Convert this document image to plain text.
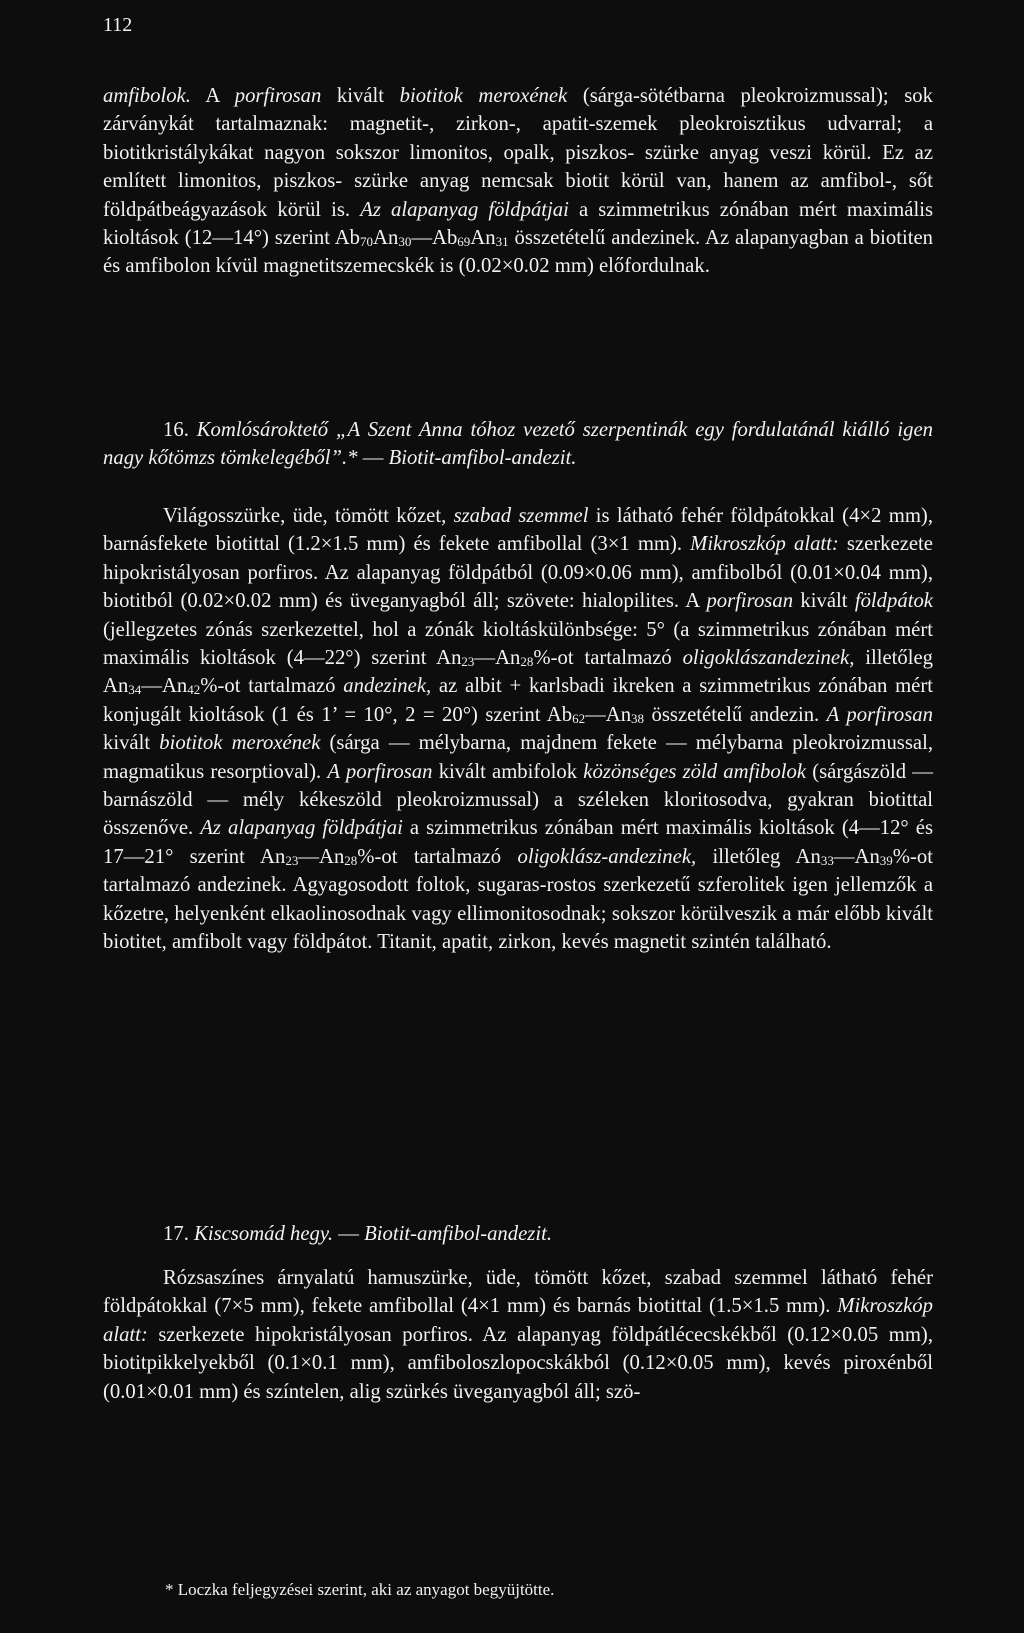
112

amfibolok. A porfirosan kivált biotitok meroxének (sárga-sötétbarna pleokroizmussal); sok zárványkát tartalmaznak: magnetit-, zirkon-, apatit-szemek pleokroisztikus udvarral; a biotitkristálykákat nagyon sokszor limonitos, opalk, piszkos- szürke anyag veszi körül. Ez az említett limonitos, piszkos- szürke anyag nemcsak biotit körül van, hanem az amfibol-, sőt földpátbeágyazások körül is. Az alapanyag földpátjai a szimmetrikus zónában mért maximális kioltások (12—14°) szerint $Ab_{70}An_{30}—Ab_{69}An_{31}$ összetételű andezinek. Az alapanyagban a biotiten és amfibolon kívül magnetitszemecskék is (0.02×0.02 mm) előfordulnak.

16. Komlósároktető „A Szent Anna tóhoz vezető szerpentinák egy fordulatánál kiálló igen nagy kőtömzs tömkelegéből”.* — Biotit-amfibol-andezit.

Világosszürke, üde, tömött kőzet, szabad szemmel is látható fehér földpátokkal (4×2 mm), barnásfekete biotittal (1.2×1.5 mm) és fekete amfibollal (3×1 mm). Mikroszkóp alatt: szerkezete hipokristályosan porfiros. Az alapanyag földpátból (0.09×0.06 mm), amfibolból (0.01×0.04 mm), biotitból (0.02×0.02 mm) és üveganyagból áll; szövete: hialopilites. A porfirosan kivált földpátok (jellegzetes zónás szerkezettel, hol a zónák kioltáskülönbsége: 5° (a szimmetrikus zónában mért maximális kioltások (4—22°) szerint $An_{23}—An_{28}\%-ot$ tartalmazó oligoklászandezinek, illetőleg $An_{34}—An_{42}\%-ot$ tartalmazó andezinek, az albit + karlsbadi ikreken a szimmetrikus zónában mért konjugált kioltások (1 és 1’ = 10°, 2 = 20°) szerint $Ab_{62}—An_{38}$ összetételű andezin. A porfirosan kivált biotitok meroxének (sárga — mélybarna, majdnem fekete — mélybarna pleokroizmussal, magmatikus resorptioval). A porfirosan kivált ambifolok közönséges zöld amfibolok (sárgászöld — barnászöld — mély kékeszöld pleokroizmussal) a széleken kloritosodva, gyakran biotittal összenőve. Az alapanyag földpátjai a szimmetrikus zónában mért maximális kioltások (4—12° és 17—21° szerint $An_{23}—An_{28}\%-ot$ tartalmazó oligoklász-andezinek, illetőleg $An_{33}—An_{39}\%-ot$ tartalmazó andezinek. Agyagosodott foltok, sugaras-rostos szerkezetű szferolitek igen jellemzők a kőzetre, helyenként elkaolinosodnak vagy ellimonitosodnak; sokszor körülveszik a már előbb kivált biotitet, amfibolt vagy földpátot. Titanit, apatit, zirkon, kevés magnetit szintén található.

17. Kiscsomád hegy. — Biotit-amfibol-andezit.

Rózsaszínes árnyalatú hamuszürke, üde, tömött kőzet, szabad szemmel látható fehér földpátokkal (7×5 mm), fekete amfibollal (4×1 mm) és barnás biotittal (1.5×1.5 mm). Mikroszkóp alatt: szerkezete hipokristályosan porfiros. Az alapanyag földpátlécecskékből (0.12×0.05 mm), biotitpikkelyekből (0.1×0.1 mm), amfiboloszlopocskákból (0.12×0.05 mm), kevés piroxénből (0.01×0.01 mm) és színtelen, alig szürkés üveganyagból áll; szö-

* Loczka feljegyzései szerint, aki az anyagot begyüjtötte.
